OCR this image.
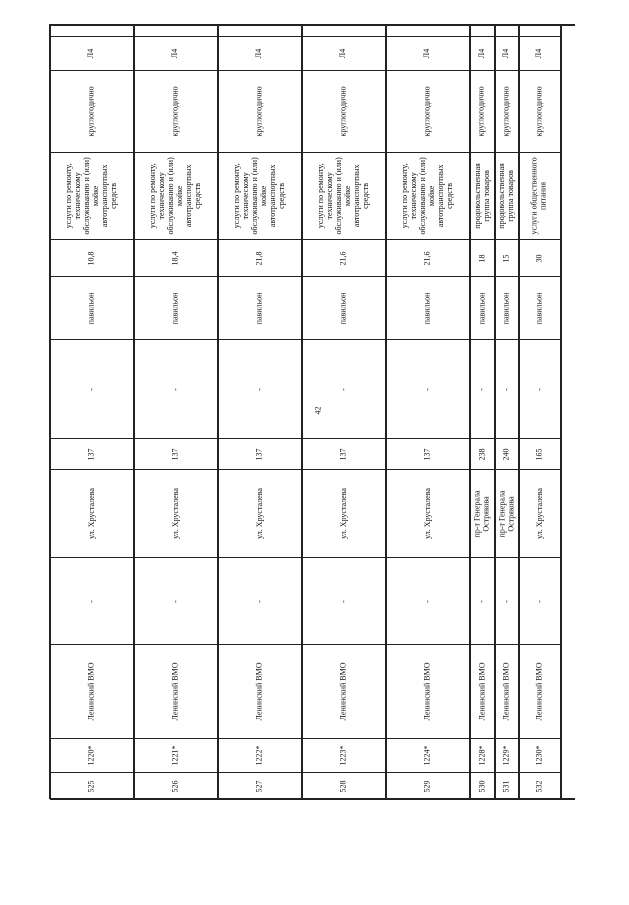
42
525
1220*
Ленинский ВМО
-
ул. Хрусталева
137
-
павильон
10,8
услуги по ремонту,
техническому
обслуживанию и (или)
мойке
автотранспортных
средств
круглогодично
Л4
526
1221*
Ленинский ВМО
-
ул. Хрусталева
137
-
павильон
18,4
услуги по ремонту,
техническому
обслуживанию и (или)
мойке
автотранспортных
средств
круглогодично
Л4
527
1222*
Ленинский ВМО
-
ул. Хрусталева
137
-
павильон
21,8
услуги по ремонту,
техническому
обслуживанию и (или)
мойке
автотранспортных
средств
круглогодично
Л4
528
1223*
Ленинский ВМО
-
ул. Хрусталева
137
-
павильон
21,6
услуги по ремонту,
техническому
обслуживанию и (или)
мойке
автотранспортных
средств
круглогодично
Л4
529
1224*
Ленинский ВМО
-
ул. Хрусталева
137
-
павильон
21,6
услуги по ремонту,
техническому
обслуживанию и (или)
мойке
автотранспортных
средств
круглогодично
Л4
530
1228*
Ленинский ВМО
-
пр-т Генерала
Острякова
238
-
павильон
18
продовольственная
группа товаров
круглогодично
Л4
531
1229*
Ленинский ВМО
-
пр-т Генерала
Острякова
240
-
павильон
15
продовольственная
группа товаров
круглогодично
Л4
532
1230*
Ленинский ВМО
-
ул. Хрусталева
165
-
павильон
30
услуги общественного
питания
круглогодично
Л4
